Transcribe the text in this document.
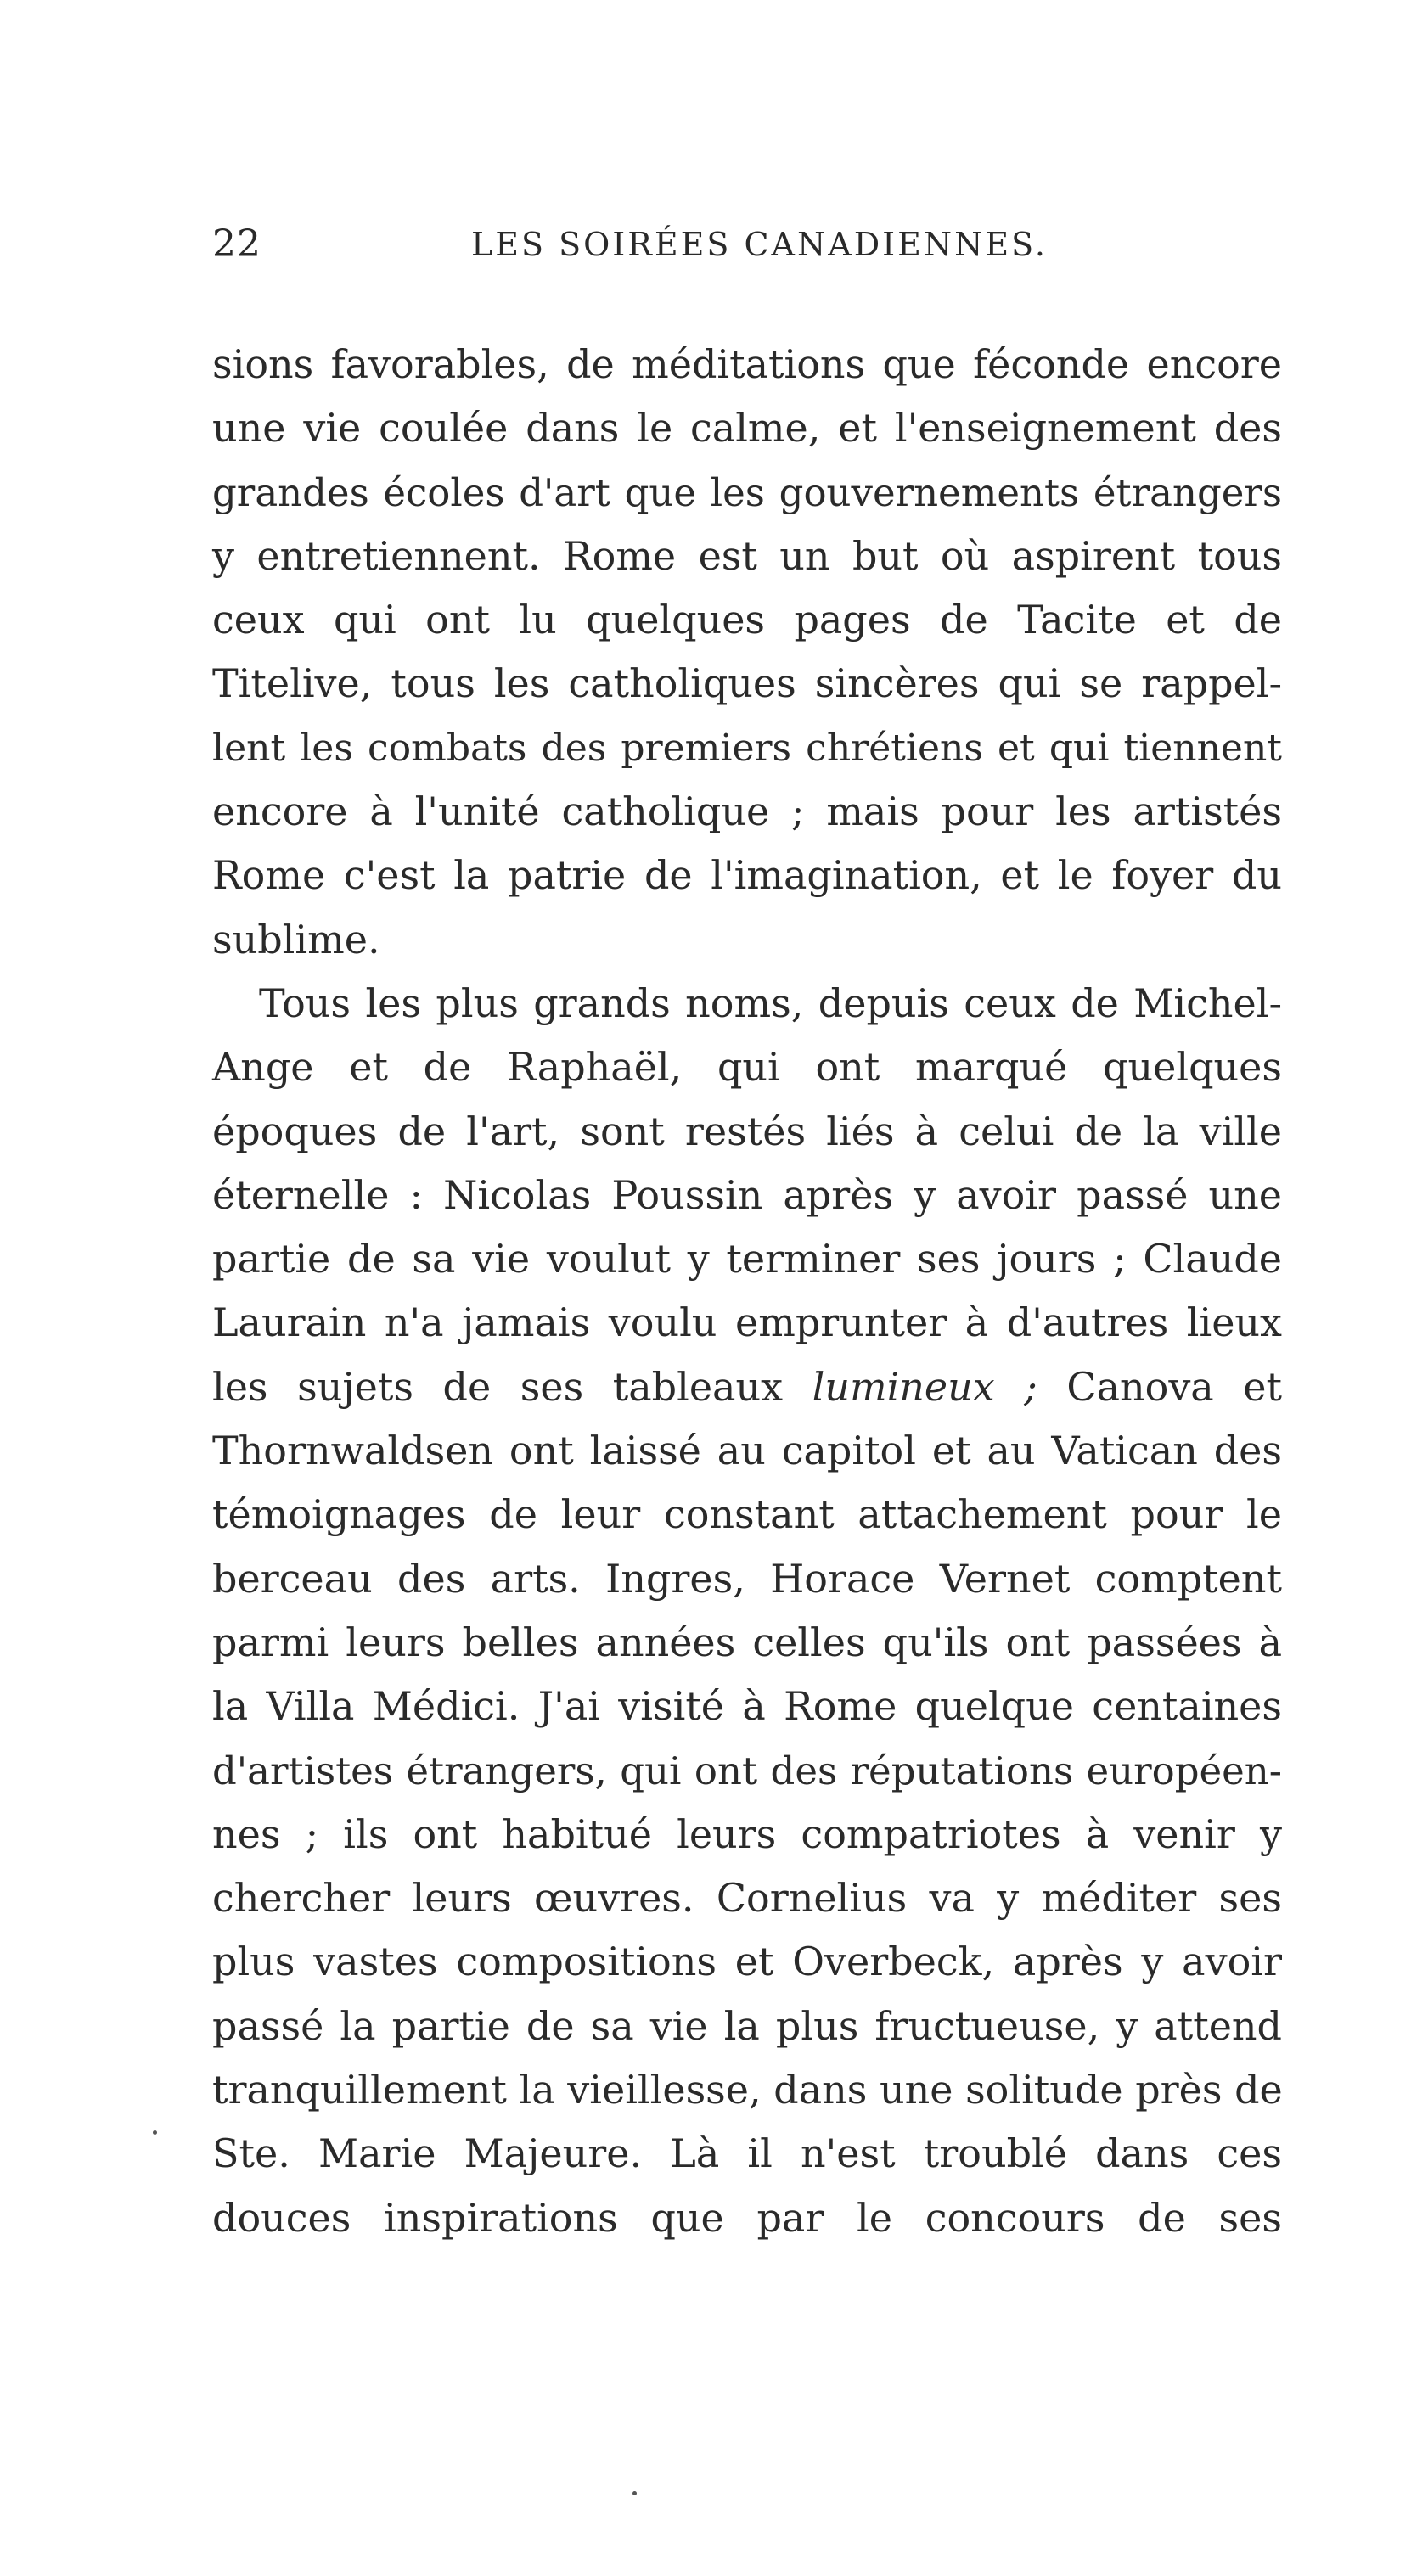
22	LES SOIRÉES CANADIENNES.
sions favorables, de méditations que féconde encore
une vie coulée dans le calme, et l'enseignement des
grandes écoles d'art que les gouvernements étrangers
y entretiennent. Rome est un but où aspirent tous
ceux qui ont lu quelques pages de Tacite et de
Titelive, tous les catholiques sincères qui se rappel-
lent les combats des premiers chrétiens et qui tiennent
encore à l'unité catholique ; mais pour les artistés
Rome c'est la patrie de l'imagination, et le foyer du
sublime.
Tous les plus grands noms, depuis ceux de Michel-
Ange et de Raphaël, qui ont marqué quelques
époques de l'art, sont restés liés à celui de la ville
éternelle : Nicolas Poussin après y avoir passé une
partie de sa vie voulut y terminer ses jours ; Claude
Laurain n'a jamais voulu emprunter à d'autres lieux
les sujets de ses tableaux lumineux ; Canova et
Thornwaldsen ont laissé au capitol et au Vatican des
témoignages de leur constant attachement pour le
berceau des arts. Ingres, Horace Vernet comptent
parmi leurs belles années celles qu'ils ont passées à
la Villa Médici. J'ai visité à Rome quelque centaines
d'artistes étrangers, qui ont des réputations européen-
nes ; ils ont habitué leurs compatriotes à venir y
chercher leurs œuvres. Cornelius va y méditer ses
plus vastes compositions et Overbeck, après y avoir
passé la partie de sa vie la plus fructueuse, y attend
tranquillement la vieillesse, dans une solitude près de
Ste. Marie Majeure. Là il n'est troublé dans ces
douces inspirations que par le concours de ses
